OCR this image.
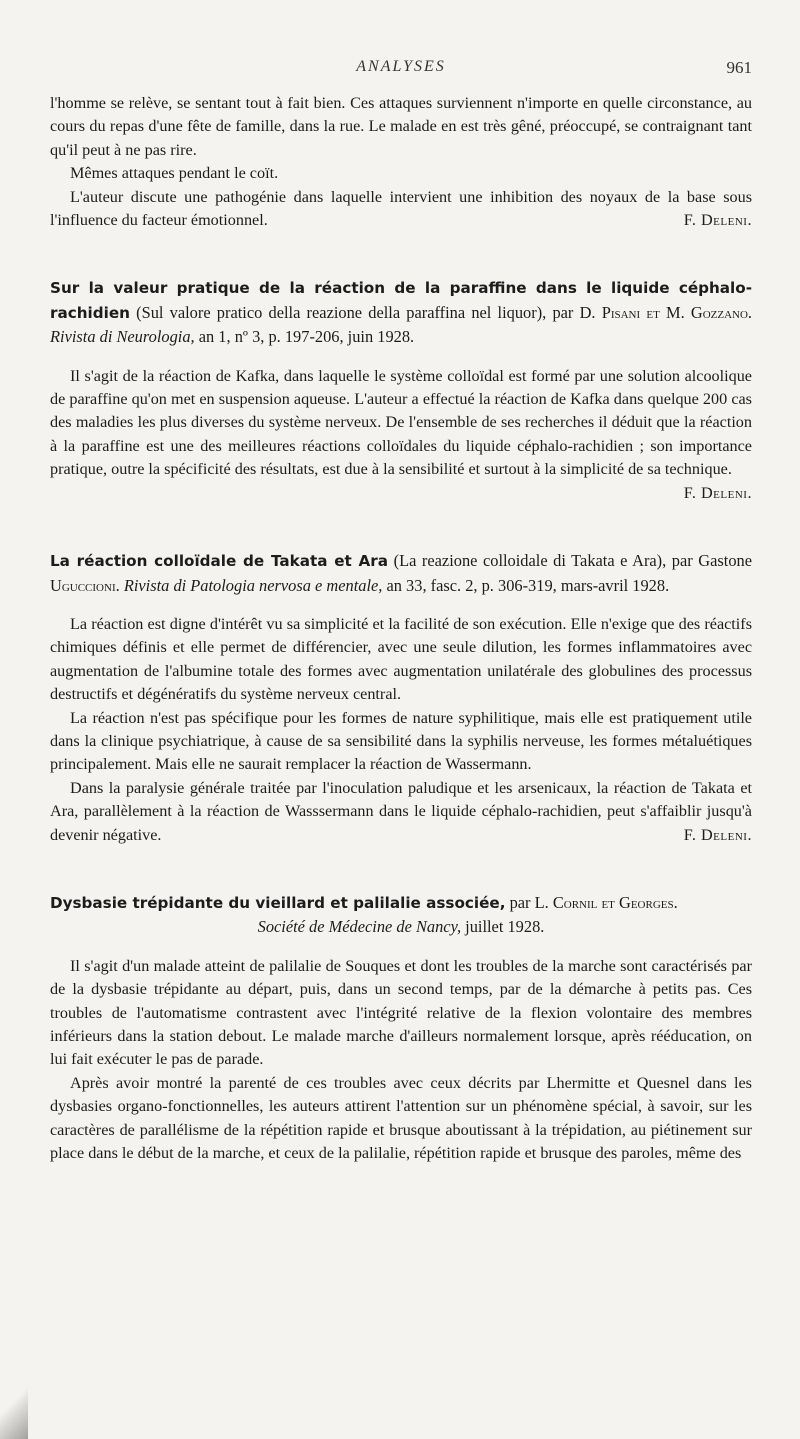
ANALYSES	961

l'homme se relève, se sentant tout à fait bien. Ces attaques surviennent n'importe en quelle circonstance, au cours du repas d'une fête de famille, dans la rue. Le malade en est très gêné, préoccupé, se contraignant tant qu'il peut à ne pas rire.

Mêmes attaques pendant le coït.

L'auteur discute une pathogénie dans laquelle intervient une inhibition des noyaux de la base sous l'influence du facteur émotionnel.	F. Deleni.

Sur la valeur pratique de la réaction de la paraffine dans le liquide céphalo-rachidien (Sul valore pratico della reazione della paraffina nel liquor), par D. Pisani et M. Gozzano. Rivista di Neurologia, an 1, nº 3, p. 197-206, juin 1928.

Il s'agit de la réaction de Kafka, dans laquelle le système colloïdal est formé par une solution alcoolique de paraffine qu'on met en suspension aqueuse. L'auteur a effectué la réaction de Kafka dans quelque 200 cas des maladies les plus diverses du système nerveux. De l'ensemble de ses recherches il déduit que la réaction à la paraffine est une des meilleures réactions colloïdales du liquide céphalo-rachidien ; son importance pratique, outre la spécificité des résultats, est due à la sensibilité et surtout à la simplicité de sa technique.
F. Deleni.

La réaction colloïdale de Takata et Ara (La reazione colloidale di Takata e Ara), par Gastone Uguccioni. Rivista di Patologia nervosa e mentale, an 33, fasc. 2, p. 306-319, mars-avril 1928.

La réaction est digne d'intérêt vu sa simplicité et la facilité de son exécution. Elle n'exige que des réactifs chimiques définis et elle permet de différencier, avec une seule dilution, les formes inflammatoires avec augmentation de l'albumine totale des formes avec augmentation unilatérale des globulines des processus destructifs et dégénératifs du système nerveux central.

La réaction n'est pas spécifique pour les formes de nature syphilitique, mais elle est pratiquement utile dans la clinique psychiatrique, à cause de sa sensibilité dans la syphilis nerveuse, les formes métaluétiques principalement. Mais elle ne saurait remplacer la réaction de Wassermann.

Dans la paralysie générale traitée par l'inoculation paludique et les arsenicaux, la réaction de Takata et Ara, parallèlement à la réaction de Wasssermann dans le liquide céphalo-rachidien, peut s'affaiblir jusqu'à devenir négative.	F. Deleni.

Dysbasie trépidante du vieillard et palilalie associée, par L. Cornil et Georges.
Société de Médecine de Nancy, juillet 1928.

Il s'agit d'un malade atteint de palilalie de Souques et dont les troubles de la marche sont caractérisés par de la dysbasie trépidante au départ, puis, dans un second temps, par de la démarche à petits pas. Ces troubles de l'automatisme contrastent avec l'intégrité relative de la flexion volontaire des membres inférieurs dans la station debout. Le malade marche d'ailleurs normalement lorsque, après rééducation, on lui fait exécuter le pas de parade.

Après avoir montré la parenté de ces troubles avec ceux décrits par Lhermitte et Quesnel dans les dysbasies organo-fonctionnelles, les auteurs attirent l'attention sur un phénomène spécial, à savoir, sur les caractères de parallélisme de la répétition rapide et brusque aboutissant à la trépidation, au piétinement sur place dans le début de la marche, et ceux de la palilalie, répétition rapide et brusque des paroles, même des
